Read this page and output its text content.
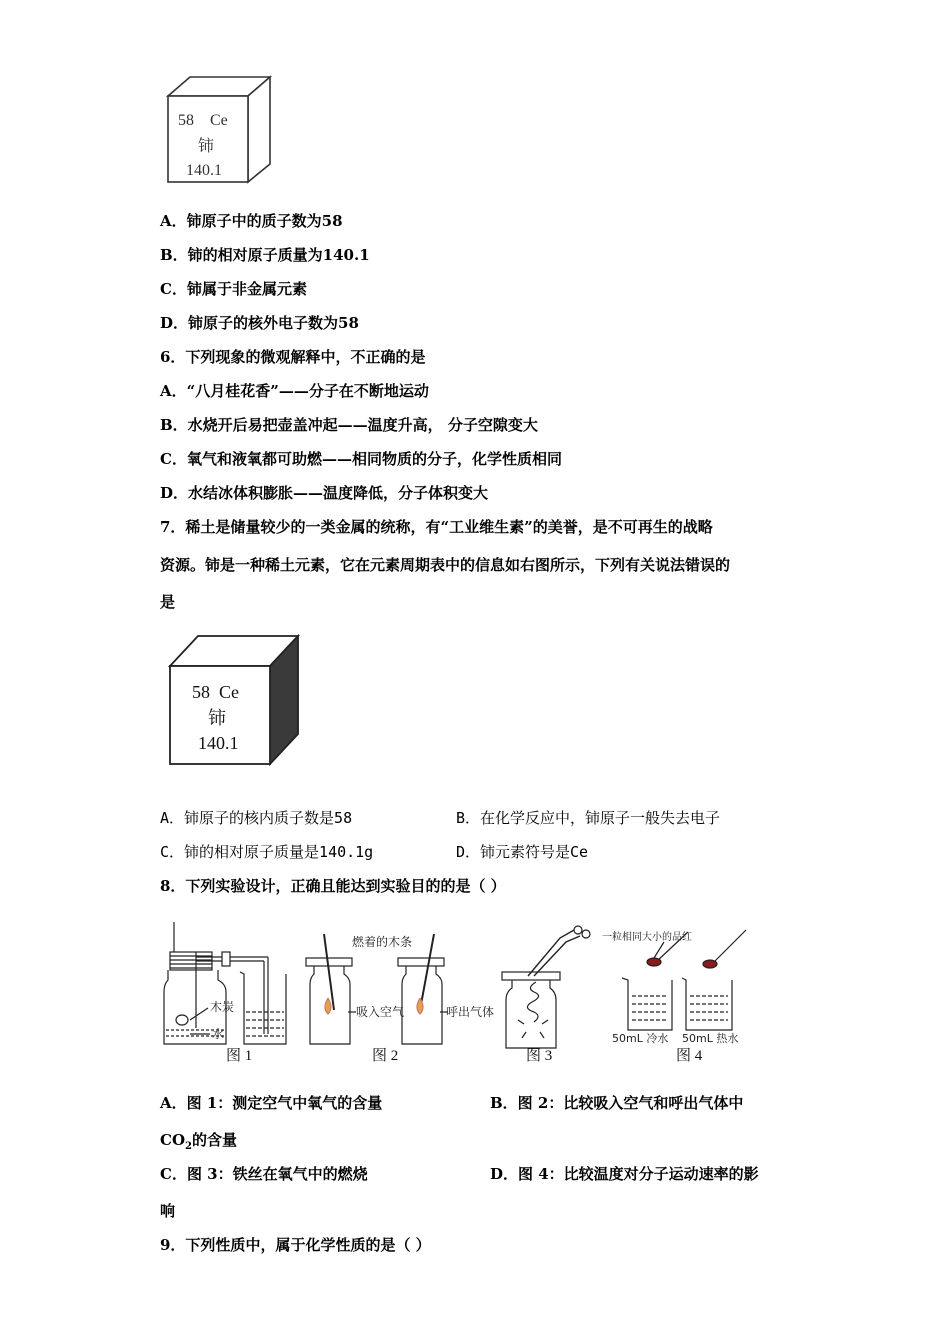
58    Ce
铈
140.1
A．铈原子中的质子数为58
B．铈的相对原子质量为140.1
C．铈属于非金属元素
D．铈原子的核外电子数为58
6．下列现象的微观解释中，不正确的是
A．“八月桂花香”——分子在不断地运动
B．水烧开后易把壶盖冲起——温度升高， 分子空隙变大
C．氧气和液氧都可助燃——相同物质的分子，化学性质相同
D．水结冰体积膨胀——温度降低，分子体积变大
7．稀土是储量较少的一类金属的统称，有“工业维生素”的美誉，是不可再生的战略
资源。铈是一种稀土元素，它在元素周期表中的信息如右图所示，下列有关说法错误的
是
58  Ce
铈
140.1
A．铈原子的核内质子数是58	B．在化学反应中，铈原子一般失去电子
C．铈的相对原子质量是140.1g	D．铈元素符号是Ce
8．下列实验设计，正确且能达到实验目的的是（ ）
木炭
水
燃着的木条
吸入空气	呼出气体
一粒相同大小的品红
50mL 冷水 50mL 热水
图 1	图 2	图 3	图 4
A．图 1：测定空气中氧气的含量	B．图 2：比较吸入空气和呼出气体中
$CO_2$的含量
C．图 3：铁丝在氧气中的燃烧	D．图 4：比较温度对分子运动速率的影
响
9．下列性质中，属于化学性质的是（ ）
